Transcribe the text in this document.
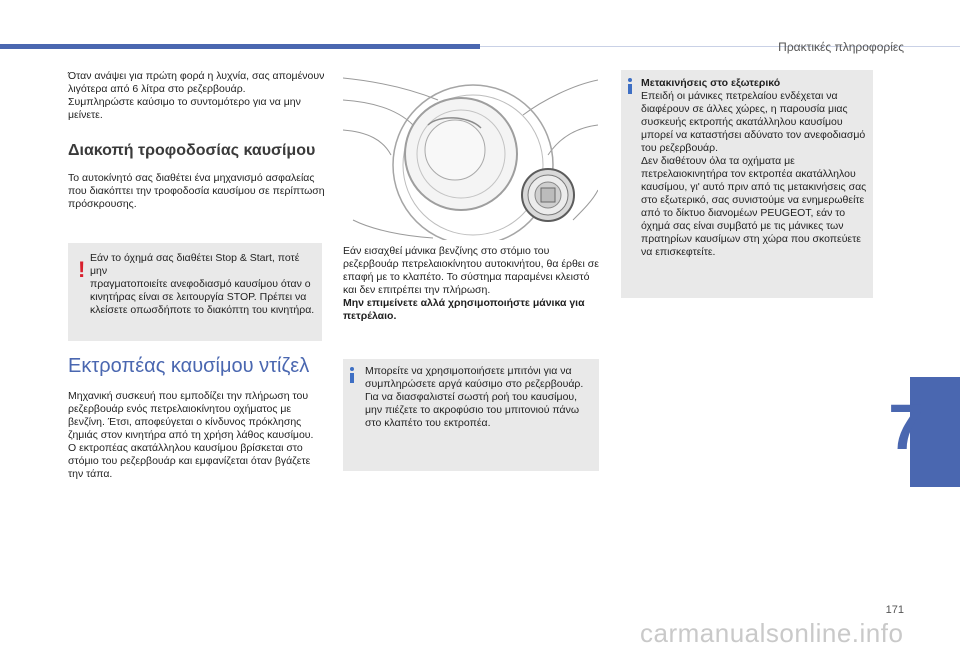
Πρακτικές πληροφορίες
7
171

Όταν ανάψει για πρώτη φορά η λυχνία, σας απομένουν

λιγότερα από 6 λίτρα στο ρεζερβουάρ.

Συμπληρώστε καύσιμο το συντομότερο για να μην

μείνετε.

Διακοπή τροφοδοσίας καυσίμου

Το αυτοκίνητό σας διαθέτει ένα μηχανισμό ασφαλείας

που διακόπτει την τροφοδοσία καυσίμου σε περίπτωση

πρόσκρουσης.

! Εάν το όχημά σας διαθέτει Stop & Start, ποτέ μην

πραγματοποιείτε ανεφοδιασμό καυσίμου όταν ο

κινητήρας είναι σε λειτουργία STOP. Πρέπει να

κλείσετε οπωσδήποτε το διακόπτη του κινητήρα.

Εκτροπέας καυσίμου ντίζελ

Μηχανική συσκευή που εμποδίζει την πλήρωση του

ρεζερβουάρ ενός πετρελαιοκίνητου οχήματος με

βενζίνη. Έτσι, αποφεύγεται ο κίνδυνος πρόκλησης

ζημιάς στον κινητήρα από τη χρήση λάθος καυσίμου.

Ο εκτροπέας ακατάλληλου καυσίμου βρίσκεται στο

στόμιο του ρεζερβουάρ και εμφανίζεται όταν βγάζετε

την τάπα.

Εάν εισαχθεί μάνικα βενζίνης στο στόμιο του

ρεζερβουάρ πετρελαιοκίνητου αυτοκινήτου, θα έρθει σε

επαφή με το κλαπέτο. Το σύστημα παραμένει κλειστό

και δεν επιτρέπει την πλήρωση.

Μην επιμείνετε αλλά χρησιμοποιήστε μάνικα για

πετρέλαιο.

Μπορείτε να χρησιμοποιήσετε μπιτόνι για να

συμπληρώσετε αργά καύσιμο στο ρεζερβουάρ.

Για να διασφαλιστεί σωστή ροή του καυσίμου,

μην πιέζετε το ακροφύσιο του μπιτονιού πάνω

στο κλαπέτο του εκτροπέα.

Μετακινήσεις στο εξωτερικό

Επειδή οι μάνικες πετρελαίου ενδέχεται να

διαφέρουν σε άλλες χώρες, η παρουσία μιας

συσκευής εκτροπής ακατάλληλου καυσίμου

μπορεί να καταστήσει αδύνατο τον ανεφοδιασμό

του ρεζερβουάρ.

Δεν διαθέτουν όλα τα οχήματα με

πετρελαιοκινητήρα τον εκτροπέα ακατάλληλου

καυσίμου, γι' αυτό πριν από τις μετακινήσεις σας

στο εξωτερικό, σας συνιστούμε να ενημερωθείτε

από το δίκτυο διανομέων PEUGEOT, εάν το

όχημά σας είναι συμβατό με τις μάνικες των

πρατηρίων καυσίμων στη χώρα που σκοπεύετε

να επισκεφτείτε.

carmanualsonline.info
